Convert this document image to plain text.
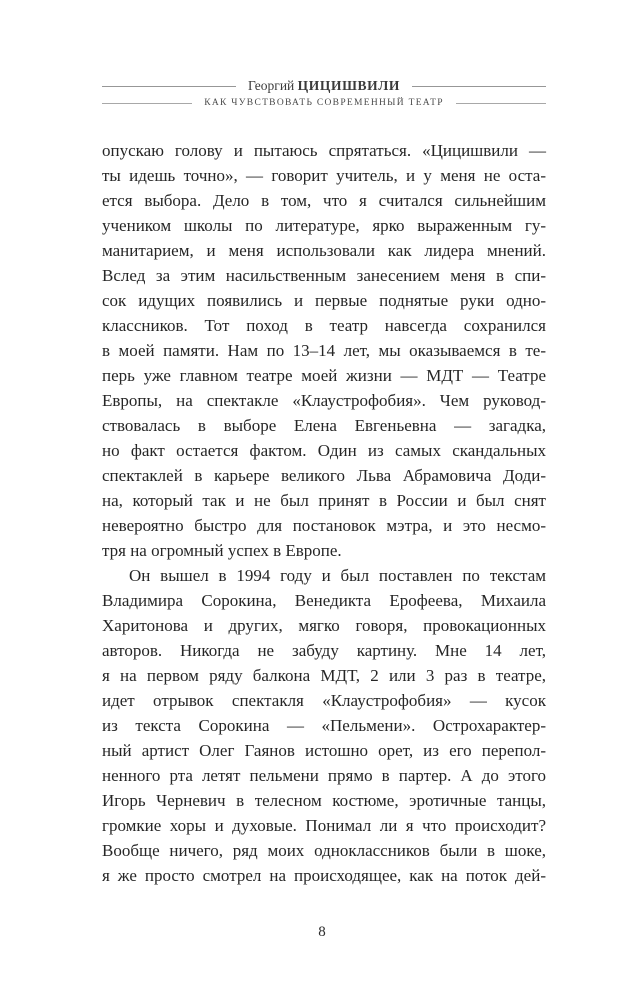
Георгий ЦИЦИШВИЛИ
КАК ЧУВСТВОВАТЬ СОВРЕМЕННЫЙ ТЕАТР
опускаю голову и пытаюсь спрятаться. «Цицишвили —
ты идешь точно», — говорит учитель, и у меня не оста-
ется выбора. Дело в том, что я считался сильнейшим
учеником школы по литературе, ярко выраженным гу-
манитарием, и меня использовали как лидера мнений.
Вслед за этим насильственным занесением меня в спи-
сок идущих появились и первые поднятые руки одно-
классников. Тот поход в театр навсегда сохранился
в моей памяти. Нам по 13–14 лет, мы оказываемся в те-
перь уже главном театре моей жизни — МДТ — Театре
Европы, на спектакле «Клаустрофобия». Чем руковод-
ствовалась в выборе Елена Евгеньевна — загадка,
но факт остается фактом. Один из самых скандальных
спектаклей в карьере великого Льва Абрамовича Доди-
на, который так и не был принят в России и был снят
невероятно быстро для постановок мэтра, и это несмо-
тря на огромный успех в Европе.
Он вышел в 1994 году и был поставлен по текстам
Владимира Сорокина, Венедикта Ерофеева, Михаила
Харитонова и других, мягко говоря, провокационных
авторов. Никогда не забуду картину. Мне 14 лет,
я на первом ряду балкона МДТ, 2 или 3 раз в театре,
идет отрывок спектакля «Клаустрофобия» — кусок
из текста Сорокина — «Пельмени». Острохарактер-
ный артист Олег Гаянов истошно орет, из его перепол-
ненного рта летят пельмени прямо в партер. А до этого
Игорь Черневич в телесном костюме, эротичные танцы,
громкие хоры и духовые. Понимал ли я что происходит?
Вообще ничего, ряд моих одноклассников были в шоке,
я же просто смотрел на происходящее, как на поток дей-
8
